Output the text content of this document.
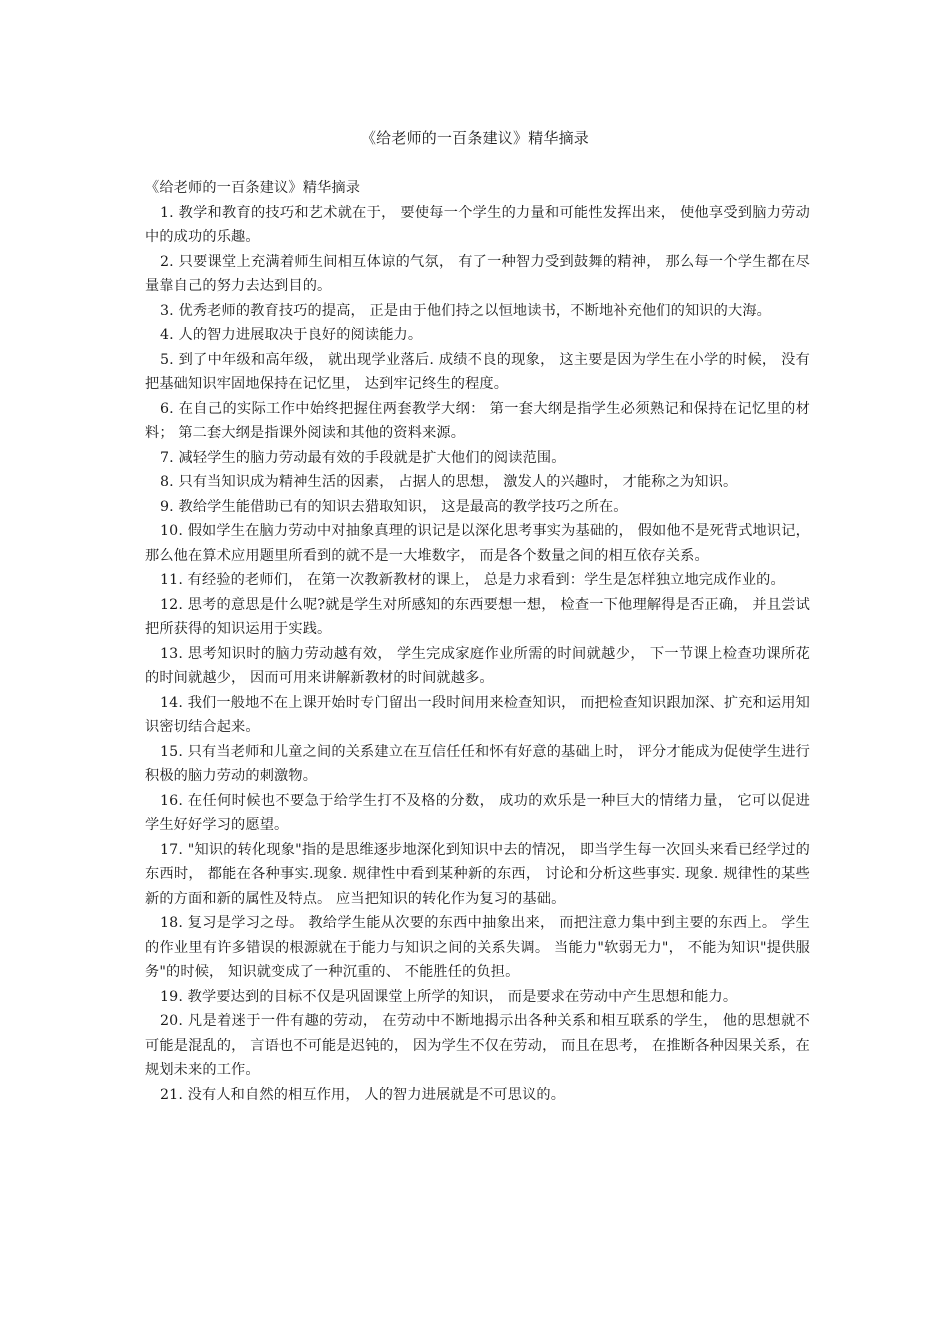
《给老师的一百条建议》精华摘录

《给老师的一百条建议》精华摘录

1. 教学和教育的技巧和艺术就在于， 要使每一个学生的力量和可能性发挥出来， 使他享受到脑力劳动中的成功的乐趣。

2. 只要课堂上充满着师生间相互体谅的气氛， 有了一种智力受到鼓舞的精神， 那么每一个学生都在尽量靠自己的努力去达到目的。

3. 优秀老师的教育技巧的提高， 正是由于他们持之以恒地读书，不断地补充他们的知识的大海。

4. 人的智力进展取决于良好的阅读能力。

5. 到了中年级和高年级， 就出现学业落后. 成绩不良的现象， 这主要是因为学生在小学的时候， 没有把基础知识牢固地保持在记忆里， 达到牢记终生的程度。

6. 在自己的实际工作中始终把握住两套教学大纲： 第一套大纲是指学生必须熟记和保持在记忆里的材料； 第二套大纲是指课外阅读和其他的资料来源。

7. 减轻学生的脑力劳动最有效的手段就是扩大他们的阅读范围。

8. 只有当知识成为精神生活的因素， 占据人的思想， 激发人的兴趣时， 才能称之为知识。

9. 教给学生能借助已有的知识去猎取知识， 这是最高的教学技巧之所在。

10. 假如学生在脑力劳动中对抽象真理的识记是以深化思考事实为基础的， 假如他不是死背式地识记， 那么他在算术应用题里所看到的就不是一大堆数字， 而是各个数量之间的相互依存关系。

11. 有经验的老师们， 在第一次教新教材的课上， 总是力求看到：学生是怎样独立地完成作业的。

12. 思考的意思是什么呢?就是学生对所感知的东西要想一想， 检查一下他理解得是否正确， 并且尝试把所获得的知识运用于实践。

13. 思考知识时的脑力劳动越有效， 学生完成家庭作业所需的时间就越少， 下一节课上检查功课所花的时间就越少， 因而可用来讲解新教材的时间就越多。

14. 我们一般地不在上课开始时专门留出一段时间用来检查知识， 而把检查知识跟加深、扩充和运用知识密切结合起来。

15. 只有当老师和儿童之间的关系建立在互信任任和怀有好意的基础上时， 评分才能成为促使学生进行积极的脑力劳动的刺激物。

16. 在任何时候也不要急于给学生打不及格的分数， 成功的欢乐是一种巨大的情绪力量， 它可以促进学生好好学习的愿望。

17. "知识的转化现象"指的是思维逐步地深化到知识中去的情况， 即当学生每一次回头来看已经学过的东西时， 都能在各种事实.现象. 规律性中看到某种新的东西， 讨论和分析这些事实. 现象. 规律性的某些新的方面和新的属性及特点。 应当把知识的转化作为复习的基础。

18. 复习是学习之母。 教给学生能从次要的东西中抽象出来， 而把注意力集中到主要的东西上。 学生的作业里有许多错误的根源就在于能力与知识之间的关系失调。 当能力"软弱无力"， 不能为知识"提供服务"的时候， 知识就变成了一种沉重的、 不能胜任的负担。

19. 教学要达到的目标不仅是巩固课堂上所学的知识， 而是要求在劳动中产生思想和能力。

20. 凡是着迷于一件有趣的劳动， 在劳动中不断地揭示出各种关系和相互联系的学生， 他的思想就不可能是混乱的， 言语也不可能是迟钝的， 因为学生不仅在劳动， 而且在思考， 在推断各种因果关系，在规划未来的工作。

21. 没有人和自然的相互作用， 人的智力进展就是不可思议的。
